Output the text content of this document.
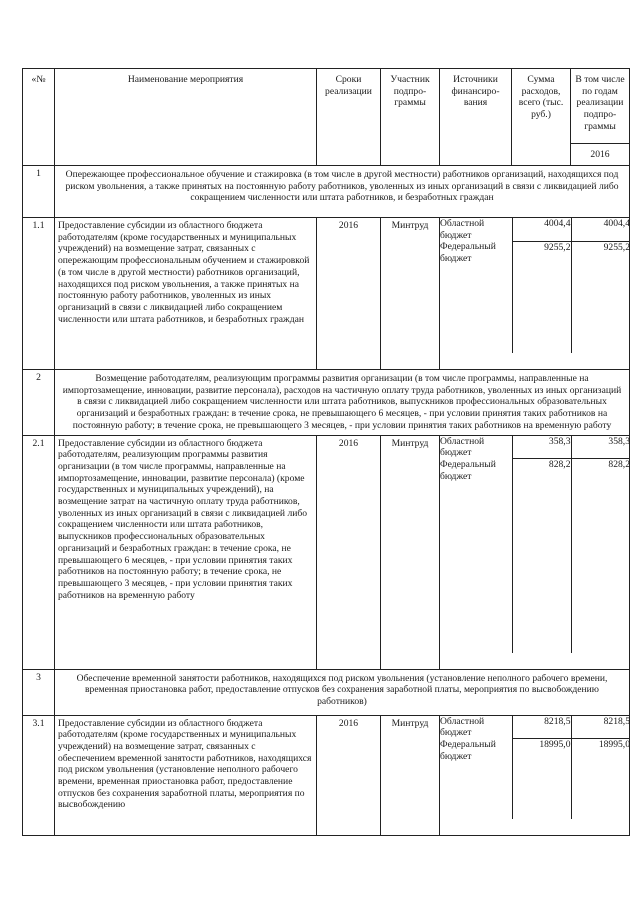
«№	Наименование мероприятия	Сроки реализации	Участник подпро-граммы	Источники финансиро-вания	Сумма расходов, всего (тыс. руб.)	В том числе по годам реализации подпро-граммы
2016
1	Опережающее профессиональное обучение и стажировка (в том числе в другой местности) работников организаций, находящихся под риском увольнения, а также принятых на постоянную работу работников, уволенных из иных организаций в связи с ликвидацией либо сокращением численности или штата работников, и безработных граждан
1.1	Предоставление субсидии из областного бюджета работодателям (кроме государственных и муниципальных учреждений) на возмещение затрат, связанных с опережающим профессиональным обучением и стажировкой (в том числе в другой местности) работников организаций, находящихся под риском увольнения, а также принятых на постоянную работу работников, уволенных из иных организаций в связи с ликвидацией либо сокращением численности или штата работников, и безработных граждан	2016	Минтруд	Областной бюджет	4004,4	4004,4
Федеральный бюджет	9255,2	9255,2

2	Возмещение работодателям, реализующим программы развития организации (в том числе программы, направленные на импортозамещение, инновации, развитие персонала), расходов на частичную оплату труда работников, уволенных из иных организаций в связи с ликвидацией либо сокращением численности или штата работников, выпускников профессиональных образовательных организаций и безработных граждан: в течение срока, не превышающего 6 месяцев, - при условии принятия таких работников на постоянную работу; в течение срока, не превышающего 3 месяцев, - при условии принятия таких работников на временную работу
2.1	Предоставление субсидии из областного бюджета работодателям, реализующим программы развития организации (в том числе программы, направленные на импортозамещение, инновации, развитие персонала) (кроме государственных и муниципальных учреждений), на возмещение затрат на частичную оплату труда работников, уволенных из иных организаций в связи с ликвидацией либо сокращением численности или штата работников, выпускников профессиональных образовательных организаций и безработных граждан: в течение срока, не превышающего 6 месяцев, - при условии принятия таких работников на постоянную работу; в течение срока, не превышающего 3 месяцев, - при условии принятия таких работников на временную работу	2016	Минтруд	Областной бюджет	358,3	358,3
Федеральный бюджет	828,2	828,2

3	Обеспечение временной занятости работников, находящихся под риском увольнения (установление неполного рабочего времени, временная приостановка работ, предоставление отпусков без сохранения заработной платы, мероприятия по высвобождению работников)
3.1	Предоставление субсидии из областного бюджета работодателям (кроме государственных и муниципальных учреждений) на возмещение затрат, связанных с обеспечением временной занятости работников, находящихся под риском увольнения (установление неполного рабочего времени, временная приостановка работ, предоставление отпусков без сохранения заработной платы, мероприятия по высвобождению	2016	Минтруд	Областной бюджет	8218,5	8218,5
Федеральный бюджет	18995,0	18995,0
